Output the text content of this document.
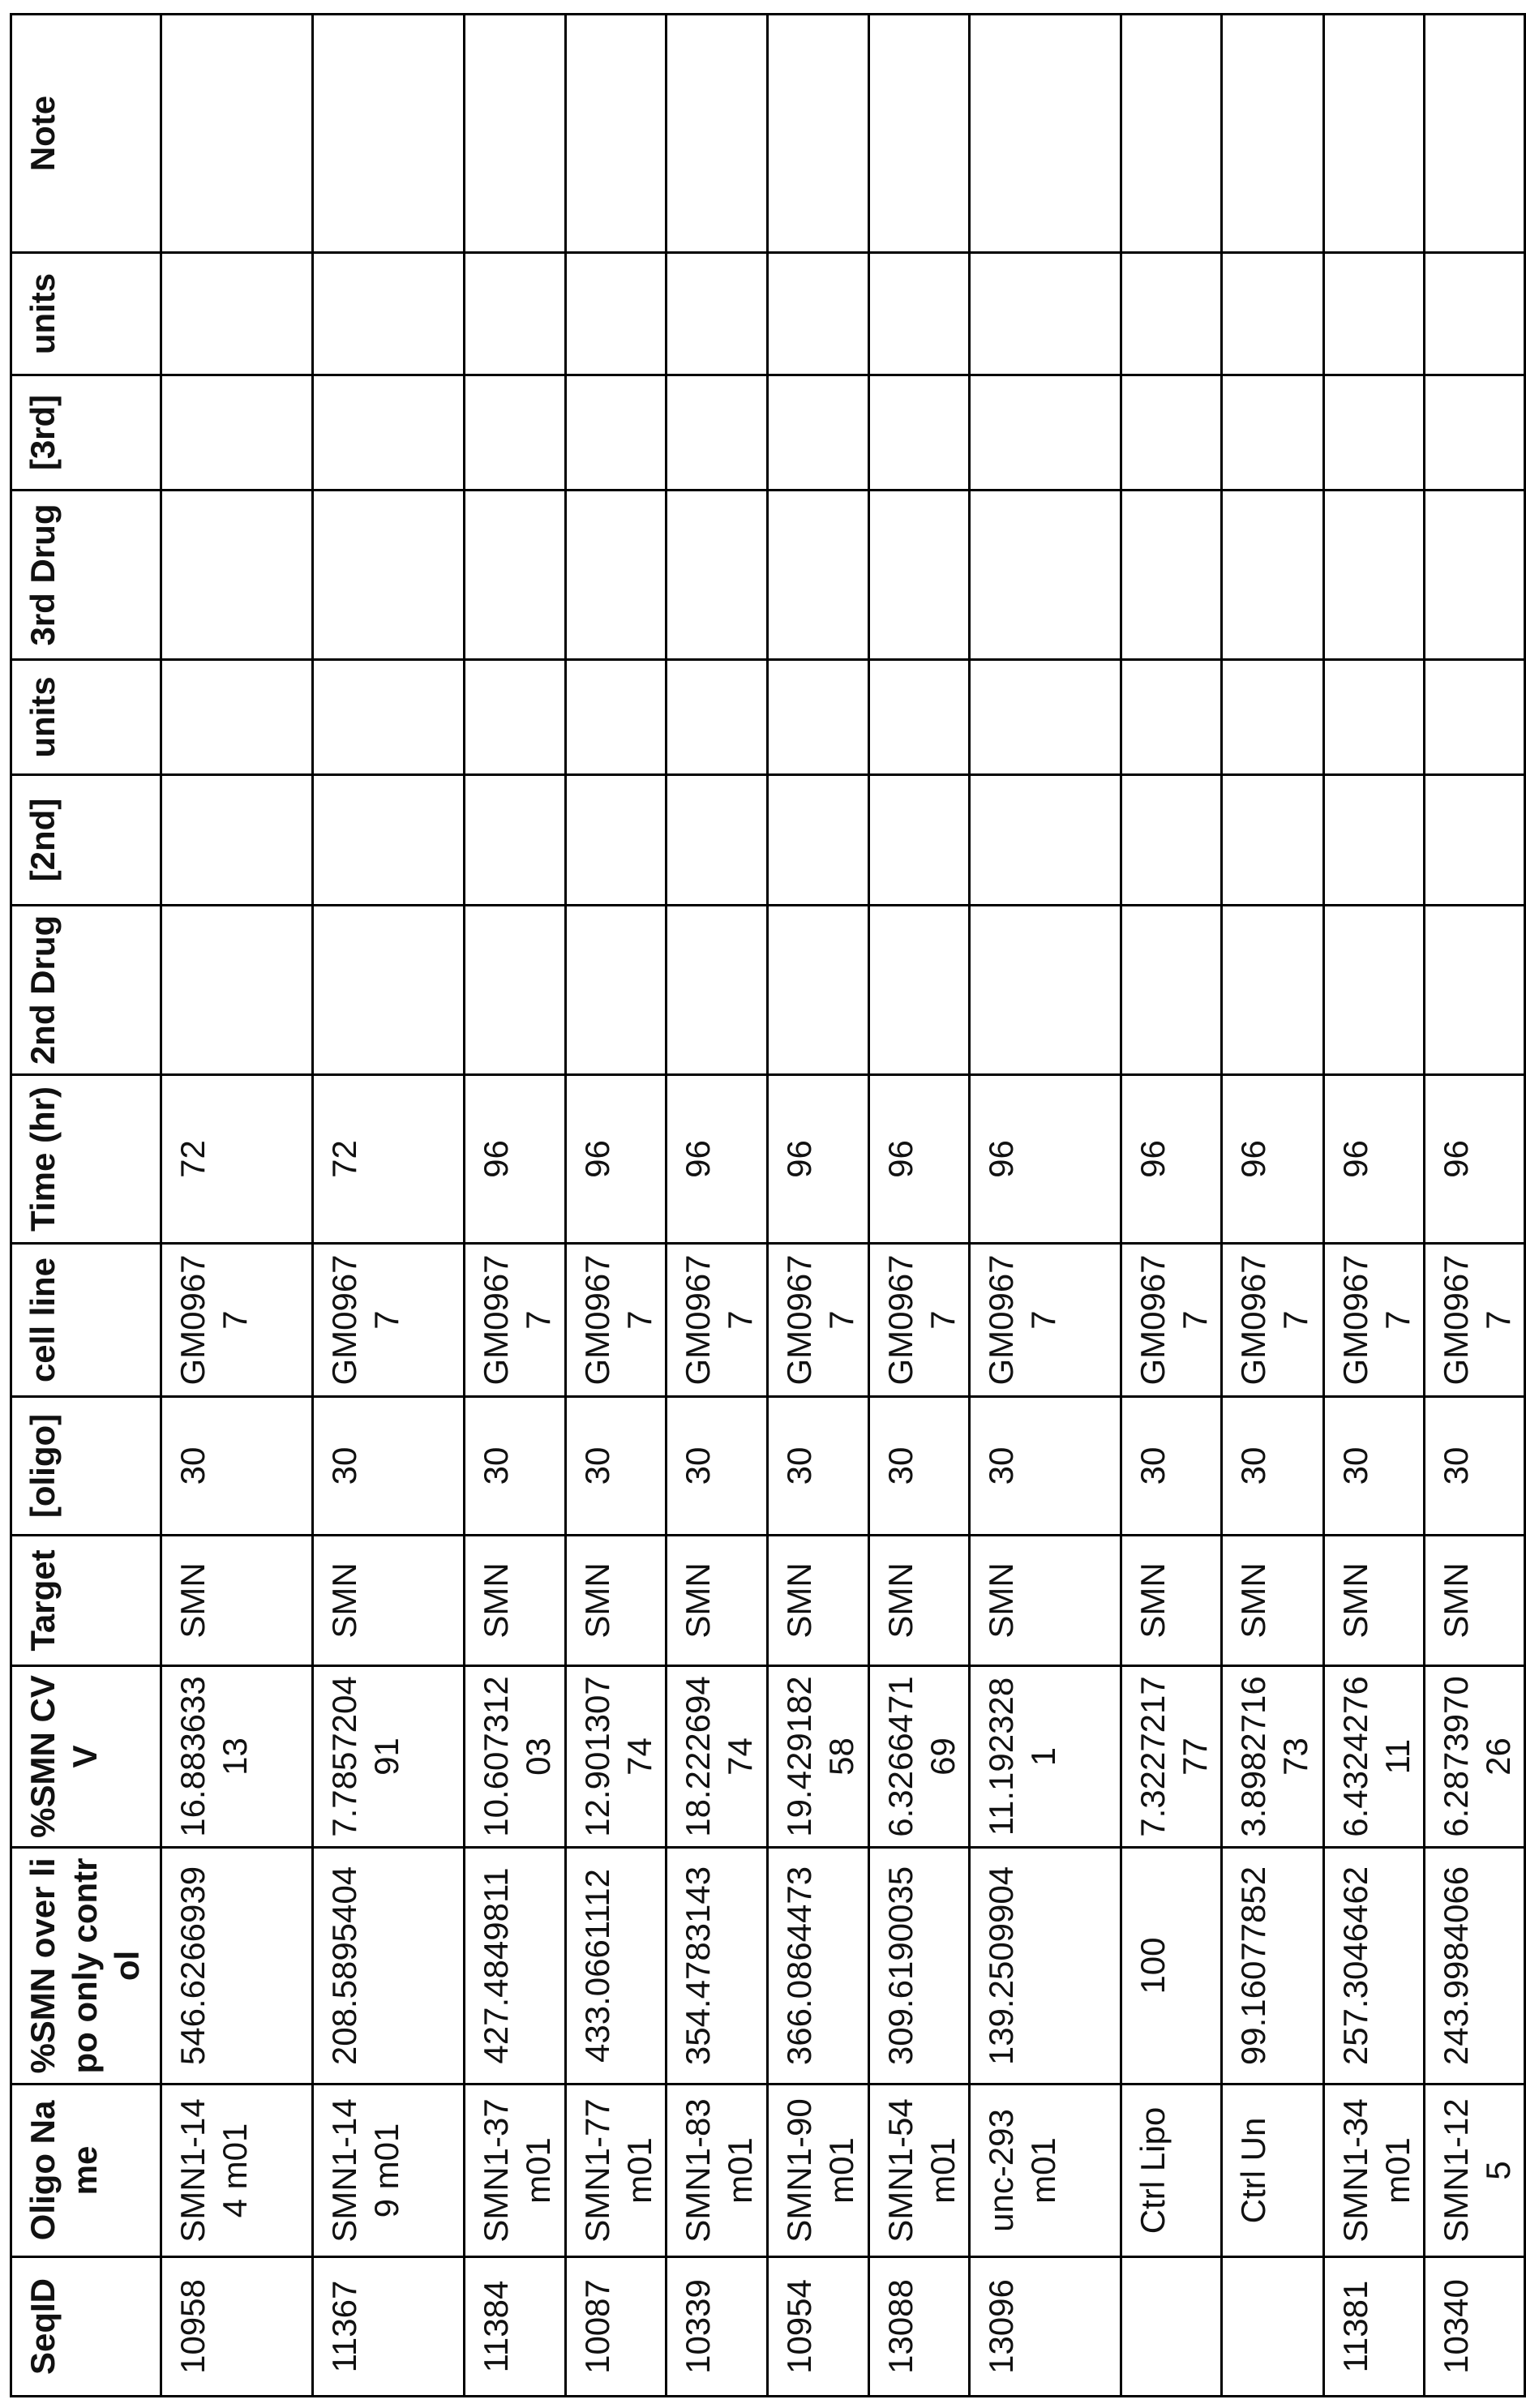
SeqID	Oligo Name	%SMN over lipo only control	%SMN CVV	Target	[oligo]	cell line	Time (hr)	2nd Drug	[2nd]	units	3rd Drug	[3rd]	units	Note
10958	SMN1-144 m01	546.6266939	16.88363313	SMN	30	GM09677	72							
11367	SMN1-149 m01	208.5895404	7.785720491	SMN	30	GM09677	72							
11384	SMN1-37 m01	427.4849811	10.60731203	SMN	30	GM09677	96							
10087	SMN1-77 m01	433.0661112	12.90130774	SMN	30	GM09677	96							
10339	SMN1-83 m01	354.4783143	18.22269474	SMN	30	GM09677	96							
10954	SMN1-90 m01	366.0864473	19.42918258	SMN	30	GM09677	96							
13088	SMN1-54 m01	309.6190035	6.326647169	SMN	30	GM09677	96							
13096	unc-293 m01	139.2509904	11.1923281	SMN	30	GM09677	96							
	Ctrl Lipo	100	7.322721777	SMN	30	GM09677	96							
	Ctrl Un	99.16077852	3.898271673	SMN	30	GM09677	96							
11381	SMN1-34 m01	257.3046462	6.432427611	SMN	30	GM09677	96							
10340	SMN1-125	243.9984066	6.287397026	SMN	30	GM09677	96							
